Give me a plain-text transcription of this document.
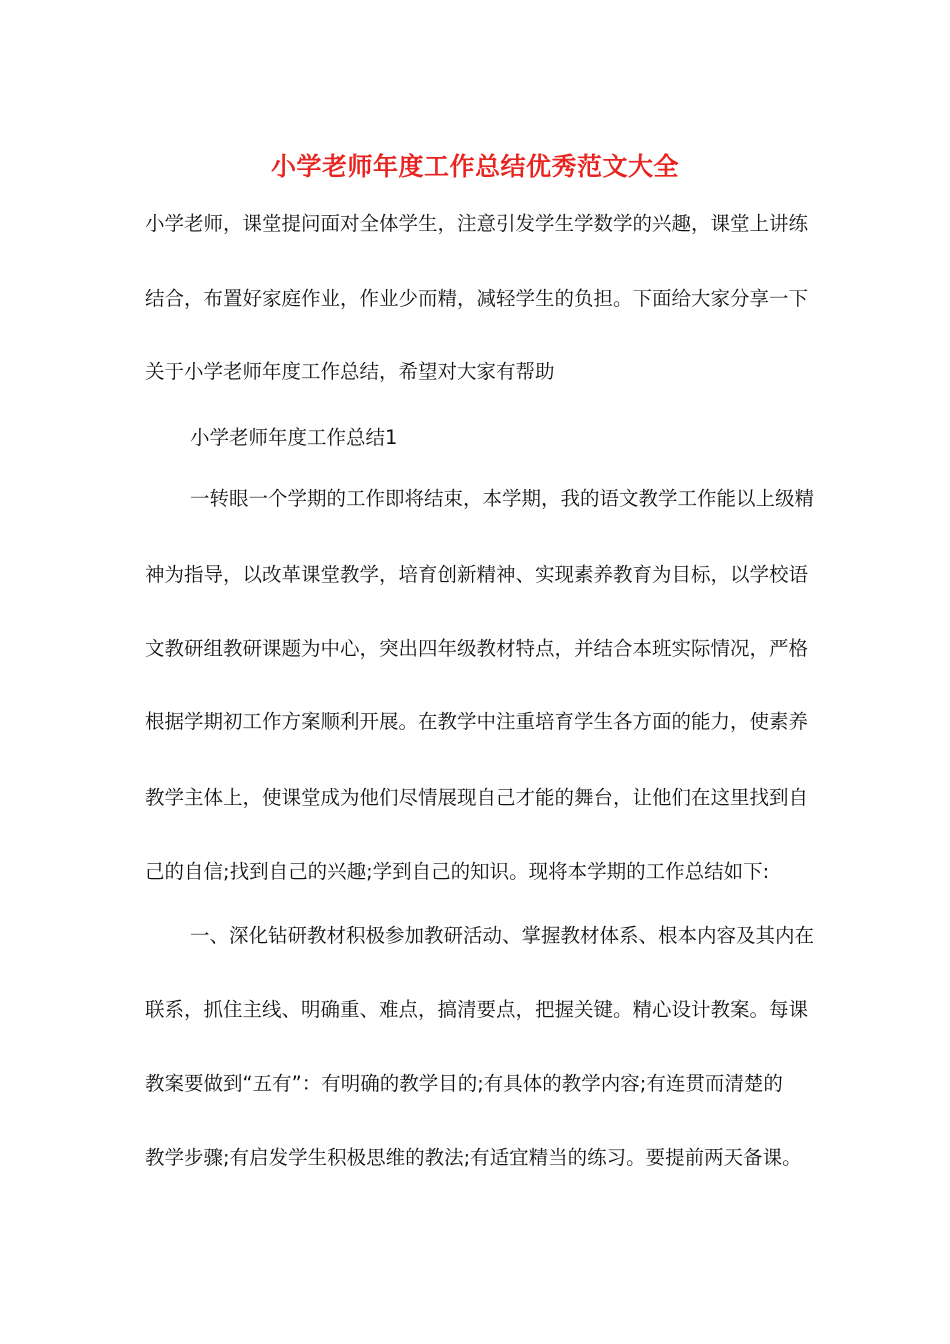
小学老师年度工作总结优秀范文大全
小学老师，课堂提问面对全体学生，注意引发学生学数学的兴趣，课堂上讲练
结合，布置好家庭作业，作业少而精，减轻学生的负担。下面给大家分享一下
关于小学老师年度工作总结，希望对大家有帮助
小学老师年度工作总结1
一转眼一个学期的工作即将结束，本学期，我的语文教学工作能以上级精
神为指导，以改革课堂教学，培育创新精神、实现素养教育为目标，以学校语
文教研组教研课题为中心，突出四年级教材特点，并结合本班实际情况，严格
根据学期初工作方案顺利开展。在教学中注重培育学生各方面的能力，使素养
教学主体上，使课堂成为他们尽情展现自己才能的舞台，让他们在这里找到自
己的自信;找到自己的兴趣;学到自己的知识。现将本学期的工作总结如下:
一、深化钻研教材积极参加教研活动、掌握教材体系、根本内容及其内在
联系，抓住主线、明确重、难点，搞清要点，把握关键。精心设计教案。每课
教案要做到“五有”：有明确的教学目的;有具体的教学内容;有连贯而清楚的
教学步骤;有启发学生积极思维的教法;有适宜精当的练习。要提前两天备课。
